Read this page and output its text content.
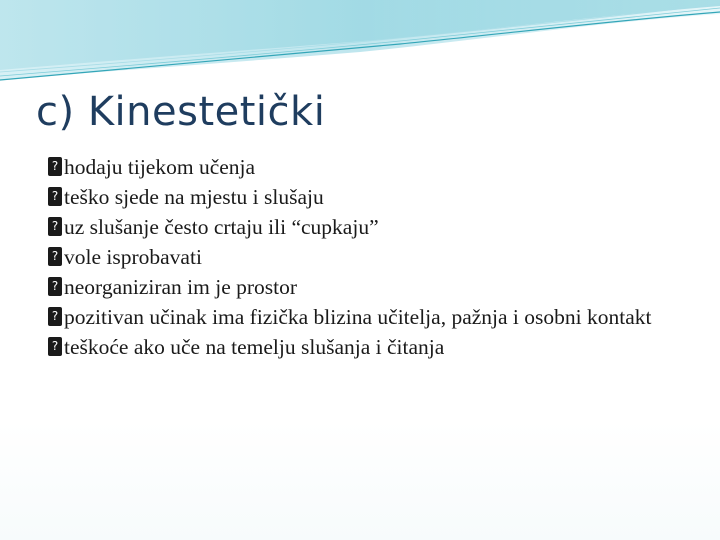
c) Kinestetički
? hodaju tijekom učenja
? teško sjede na mjestu i slušaju
? uz slušanje često crtaju ili “cupkaju”
? vole isprobavati
? neorganiziran im je prostor
? pozitivan učinak ima fizička blizina učitelja, pažnja i osobni kontakt
? teškoće ako uče na temelju slušanja i čitanja
